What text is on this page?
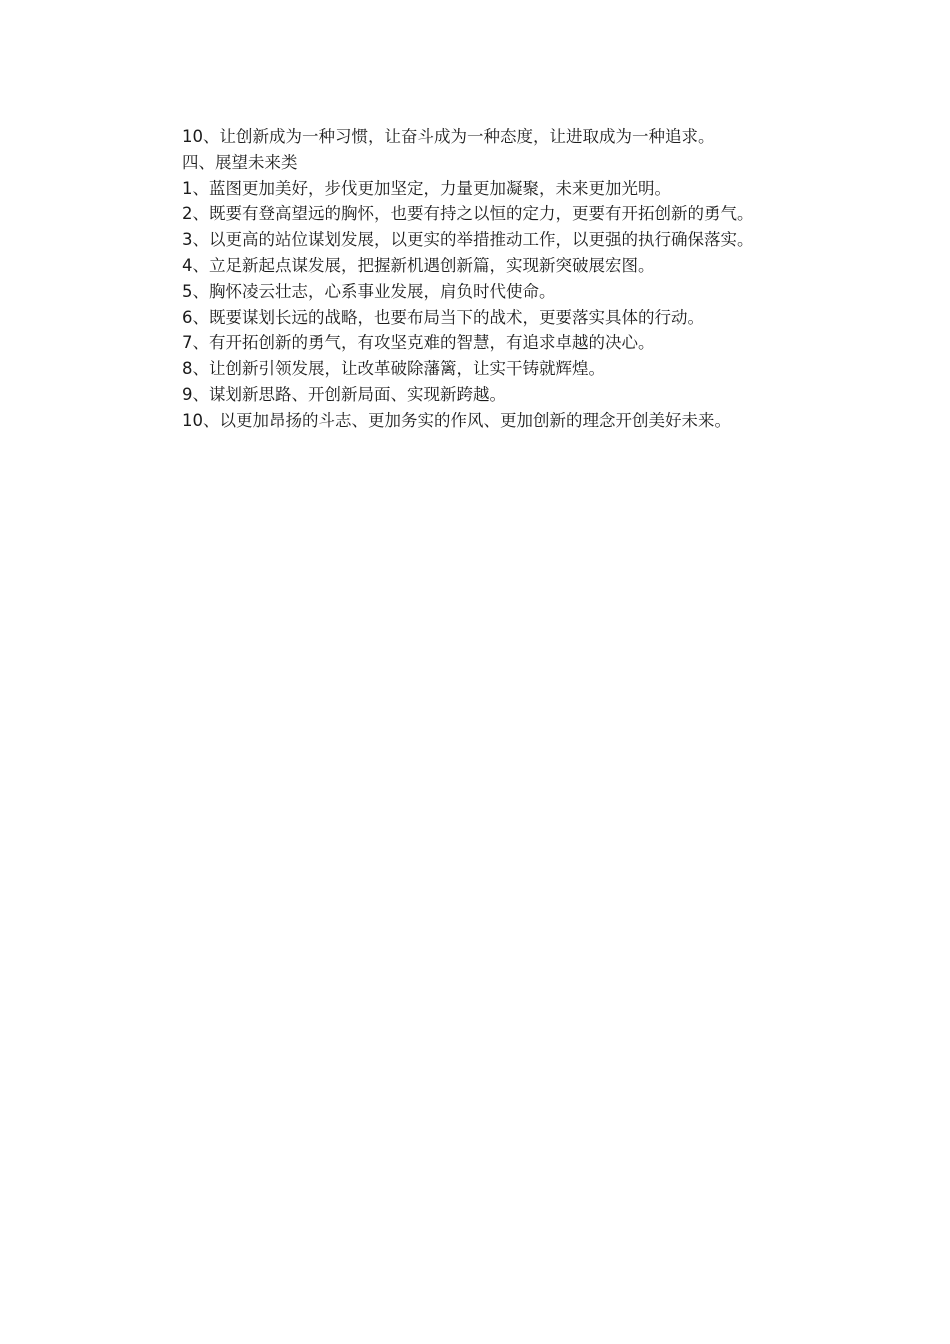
10、让创新成为一种习惯，让奋斗成为一种态度，让进取成为一种追求。

四、展望未来类

1、蓝图更加美好，步伐更加坚定，力量更加凝聚，未来更加光明。

2、既要有登高望远的胸怀，也要有持之以恒的定力，更要有开拓创新的勇气。

3、以更高的站位谋划发展，以更实的举措推动工作，以更强的执行确保落实。

4、立足新起点谋发展，把握新机遇创新篇，实现新突破展宏图。

5、胸怀凌云壮志，心系事业发展，肩负时代使命。

6、既要谋划长远的战略，也要布局当下的战术，更要落实具体的行动。

7、有开拓创新的勇气，有攻坚克难的智慧，有追求卓越的决心。

8、让创新引领发展，让改革破除藩篱，让实干铸就辉煌。

9、谋划新思路、开创新局面、实现新跨越。

10、以更加昂扬的斗志、更加务实的作风、更加创新的理念开创美好未来。
